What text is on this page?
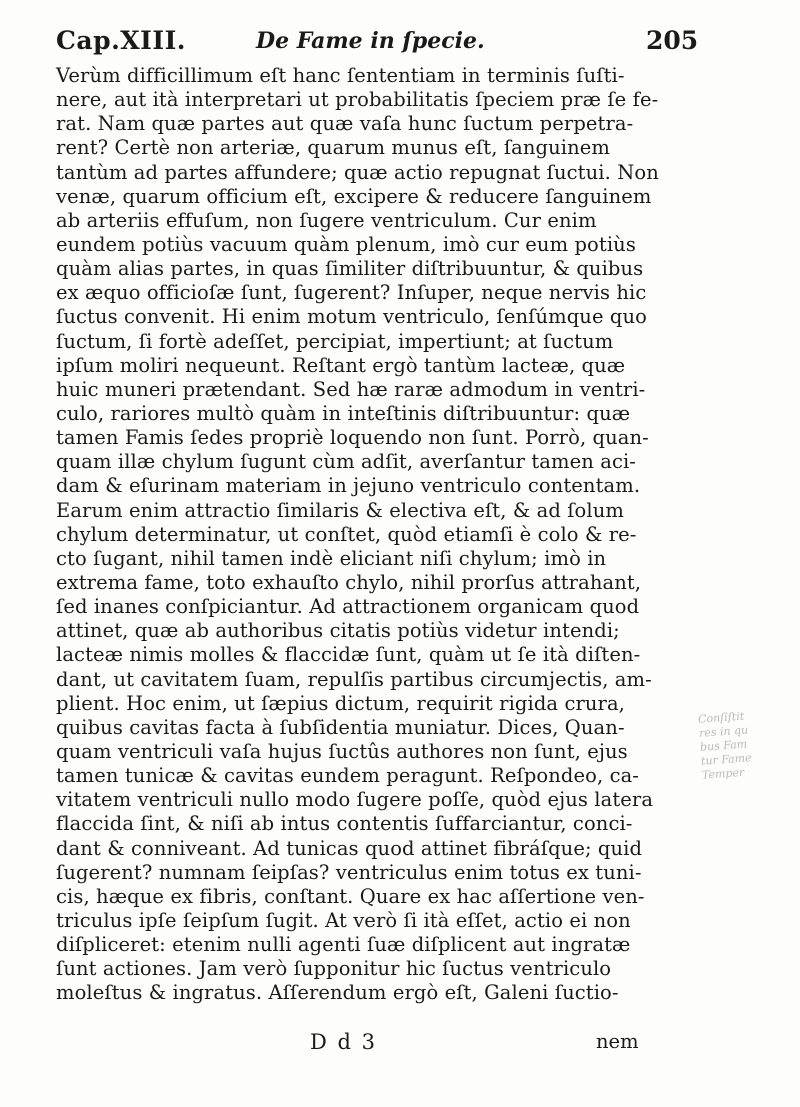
Cap.XIII.	De Fame in ſpecie.	205
Verùm difficillimum eſt hanc ſententiam in terminis ſuſti-
nere, aut ità interpretari ut probabilitatis ſpeciem præ ſe fe-
rat. Nam quæ partes aut quæ vaſa hunc ſuctum perpetra-
rent? Certè non arteriæ, quarum munus eſt, ſanguinem
tantùm ad partes affundere; quæ actio repugnat ſuctui. Non
venæ, quarum officium eſt, excipere & reducere ſanguinem
ab arteriis effuſum, non ſugere ventriculum. Cur enim
eundem potiùs vacuum quàm plenum, imò cur eum potiùs
quàm alias partes, in quas ſimiliter diſtribuuntur, & quibus
ex æquo officioſæ ſunt, ſugerent? Inſuper, neque nervis hic
ſuctus convenit. Hi enim motum ventriculo, ſenſúmque quo
ſuctum, ſi fortè adeſſet, percipiat, impertiunt; at ſuctum
ipſum moliri nequeunt. Reſtant ergò tantùm lacteæ, quæ
huic muneri prætendant. Sed hæ raræ admodum in ventri-
culo, rariores multò quàm in inteſtinis diſtribuuntur: quæ
tamen Famis ſedes propriè loquendo non ſunt. Porrò, quan-
quam illæ chylum ſugunt cùm adſit, averſantur tamen aci-
dam & eſurinam materiam in jejuno ventriculo contentam.
Earum enim attractio ſimilaris & electiva eſt, & ad ſolum
chylum determinatur, ut conſtet, quòd etiamſi è colo & re-
cto ſugant, nihil tamen indè eliciant niſi chylum; imò in
extrema fame, toto exhauſto chylo, nihil prorſus attrahant,
ſed inanes conſpiciantur. Ad attractionem organicam quod
attinet, quæ ab authoribus citatis potiùs videtur intendi;
lacteæ nimis molles & flaccidæ ſunt, quàm ut ſe ità diſten-
dant, ut cavitatem ſuam, repulſis partibus circumjectis, am-
plient. Hoc enim, ut ſæpius dictum, requirit rigida crura,
quibus cavitas facta à ſubſidentia muniatur. Dices, Quan-
quam ventriculi vaſa hujus ſuctûs authores non ſunt, ejus
tamen tunicæ & cavitas eundem peragunt. Reſpondeo, ca-
vitatem ventriculi nullo modo ſugere poſſe, quòd ejus latera
flaccida ſint, & niſi ab intus contentis ſuffarciantur, conci-
dant & conniveant. Ad tunicas quod attinet fibráſque; quid
ſugerent? numnam ſeipſas? ventriculus enim totus ex tuni-
cis, hæque ex fibris, conſtant. Quare ex hac aſſertione ven-
triculus ipſe ſeipſum ſugit. At verò ſi ità eſſet, actio ei non
diſpliceret: etenim nulli agenti ſuæ diſplicent aut ingratæ
ſunt actiones. Jam verò ſupponitur hic ſuctus ventriculo
moleſtus & ingratus. Aſſerendum ergò eſt, Galeni ſuctio-
D d 3	nem
Conſiſtit
res in qu
bus Fam
tur Fame
Temper
